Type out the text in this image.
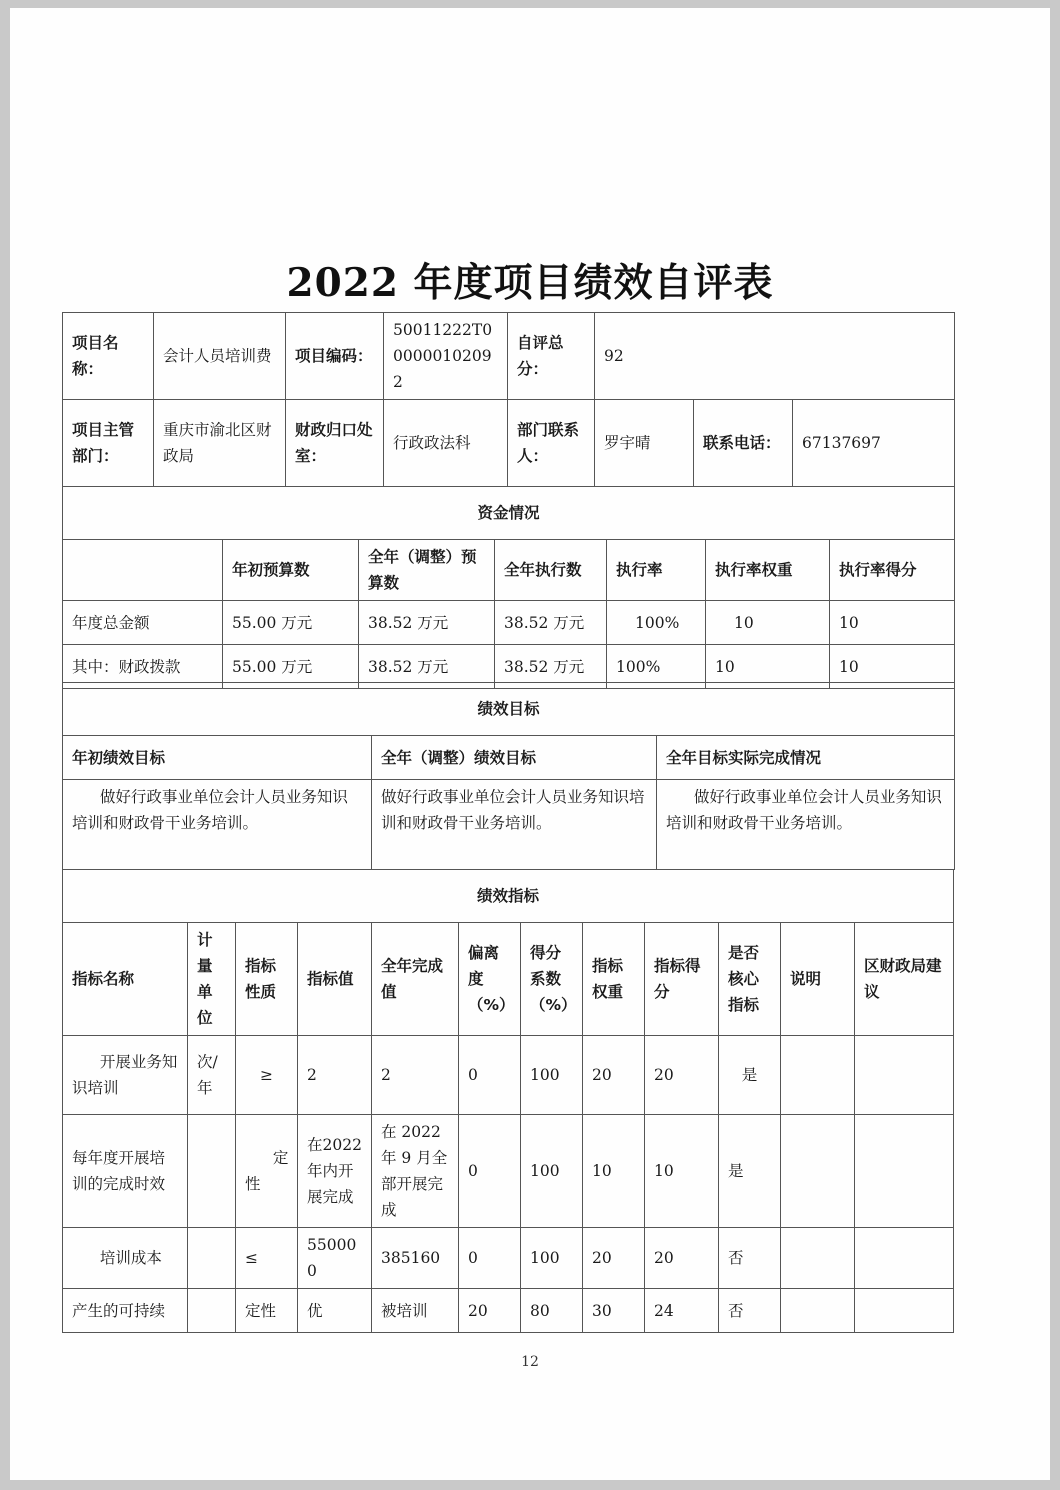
2022 年度项目绩效自评表
项目名称：	会计人员培训费	项目编码：	50011222T000000102092	自评总分：	92		
项目主管部门：	重庆市渝北区财政局	财政归口处室：	行政政法科	部门联系人：	罗宇晴	联系电话：	67137697
资金情况						
	年初预算数	全年（调整）预算数	全年执行数	执行率	执行率权重	执行率得分
年度总金额	55.00 万元	38.52 万元	38.52 万元	100%	10	10
其中：财政拨款	55.00 万元	38.52 万元	38.52 万元	100%	10	10
绩效目标		
年初绩效目标	全年（调整）绩效目标	全年目标实际完成情况
做好行政事业单位会计人员业务知识培训和财政骨干业务培训。	做好行政事业单位会计人员业务知识培训和财政骨干业务培训。	做好行政事业单位会计人员业务知识培训和财政骨干业务培训。
绩效指标											
指标名称	计量单位	指标性质	指标值	全年完成值	偏离度（%）	得分系数（%）	指标权重	指标得分	是否核心指标	说明	区财政局建议
开展业务知识培训	次/年	≥	2	2	0	100	20	20	是		
每年度开展培训的完成时效		定性	在2022年内开展完成	在 2022年 9 月全部开展完成	0	100	10	10	是		
培训成本		≤	550000	385160	0	100	20	20	否		
产生的可持续		定性	优	被培训	20	80	30	24	否		
12
